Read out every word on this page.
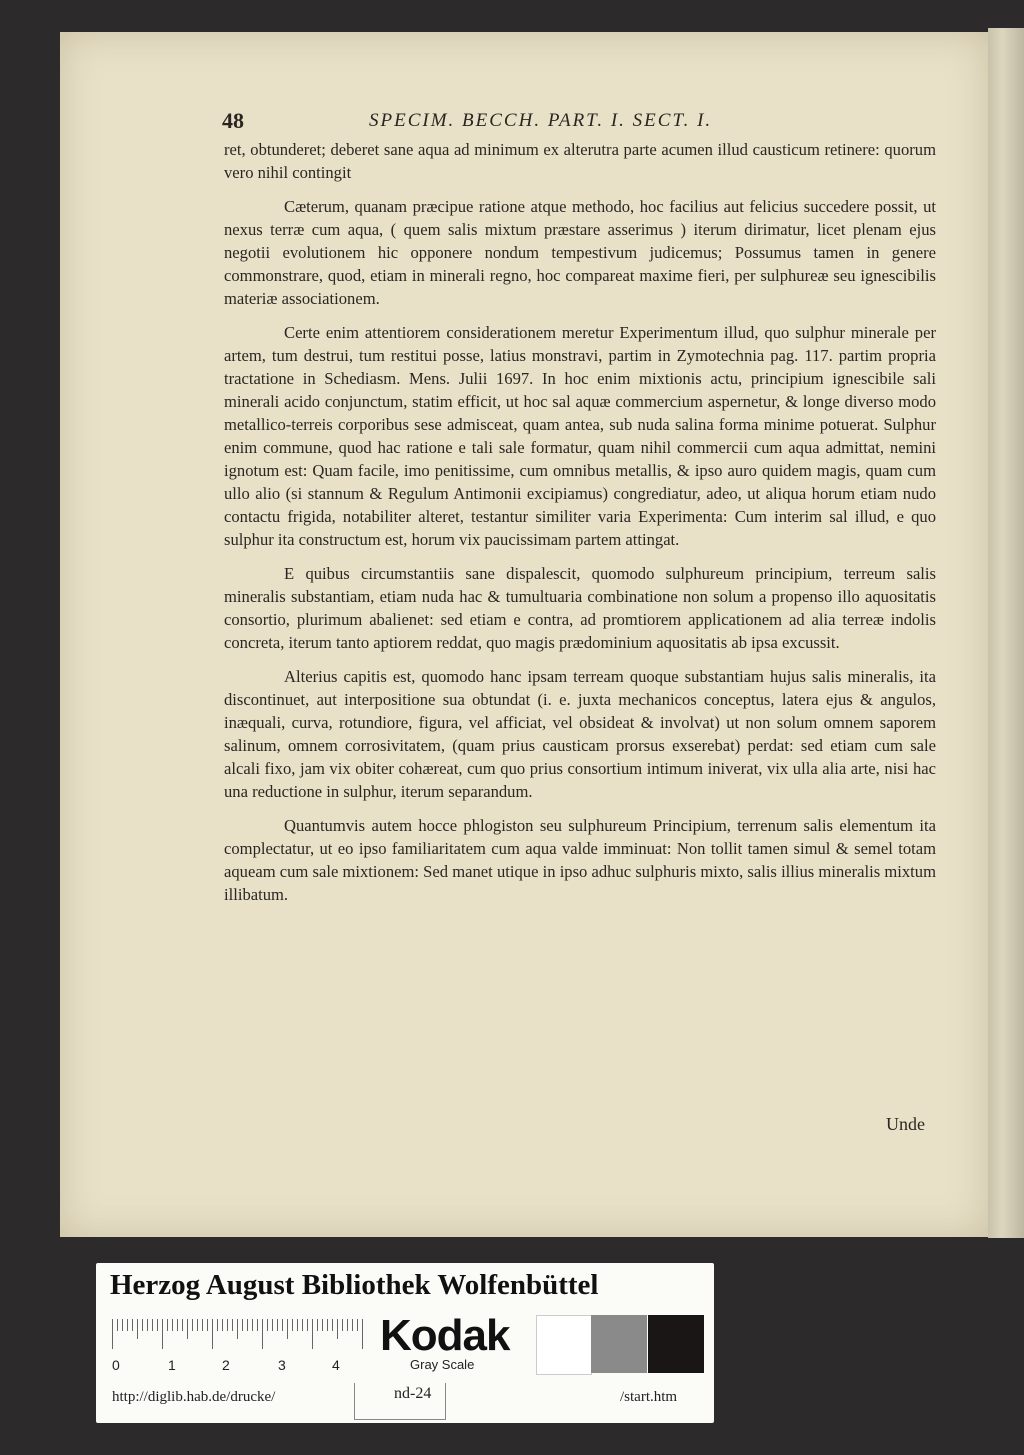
48	SPECIM. BECCH. PART. I. SECT. I.

ret, obtunderet; deberet sane aqua ad minimum ex alterutra parte acumen illud causticum retinere: quorum vero nihil contingit

Cæterum, quanam præcipue ratione atque methodo, hoc facilius aut felicius succedere possit, ut nexus terræ cum aqua, ( quem salis mixtum præstare asserimus ) iterum dirimatur, licet plenam ejus negotii evolutionem hic opponere nondum tempestivum judicemus; Possumus tamen in genere commonstrare, quod, etiam in minerali regno, hoc compareat maxime fieri, per sulphureæ seu ignescibilis materiæ associationem.

Certe enim attentiorem considerationem meretur Experimentum illud, quo sulphur minerale per artem, tum destrui, tum restitui posse, latius monstravi, partim in Zymotechnia pag. 117. partim propria tractatione in Schediasm. Mens. Julii 1697. In hoc enim mixtionis actu, principium ignescibile sali minerali acido conjunctum, statim efficit, ut hoc sal aquæ commercium aspernetur, & longe diverso modo metallico-terreis corporibus sese admisceat, quam antea, sub nuda salina forma minime potuerat. Sulphur enim commune, quod hac ratione e tali sale formatur, quam nihil commercii cum aqua admittat, nemini ignotum est: Quam facile, imo penitissime, cum omnibus metallis, & ipso auro quidem magis, quam cum ullo alio (si stannum & Regulum Antimonii excipiamus) congrediatur, adeo, ut aliqua horum etiam nudo contactu frigida, notabiliter alteret, testantur similiter varia Experimenta: Cum interim sal illud, e quo sulphur ita constructum est, horum vix paucissimam partem attingat.

E quibus circumstantiis sane dispalescit, quomodo sulphureum principium, terreum salis mineralis substantiam, etiam nuda hac & tumultuaria combinatione non solum a propenso illo aquositatis consortio, plurimum abalienet: sed etiam e contra, ad promtiorem applicationem ad alia terreæ indolis concreta, iterum tanto aptiorem reddat, quo magis prædominium aquositatis ab ipsa excussit.

Alterius capitis est, quomodo hanc ipsam terream quoque substantiam hujus salis mineralis, ita discontinuet, aut interpositione sua obtundat (i. e. juxta mechanicos conceptus, latera ejus & angulos, inæquali, curva, rotundiore, figura, vel afficiat, vel obsideat & involvat) ut non solum omnem saporem salinum, omnem corrosivitatem, (quam prius causticam prorsus exserebat) perdat: sed etiam cum sale alcali fixo, jam vix obiter cohæreat, cum quo prius consortium intimum iniverat, vix ulla alia arte, nisi hac una reductione in sulphur, iterum separandum.

Quantumvis autem hocce phlogiston seu sulphureum Principium, terrenum salis elementum ita complectatur, ut eo ipso familiaritatem cum aqua valde imminuat: Non tollit tamen simul & semel totam aqueam cum sale mixtionem: Sed manet utique in ipso adhuc sulphuris mixto, salis illius mineralis mixtum illibatum.

Unde
Herzog August Bibliothek Wolfenbüttel
0	1	2	3	4
Kodak
Gray Scale
http://diglib.hab.de/drucke/	nd-24	/start.htm
